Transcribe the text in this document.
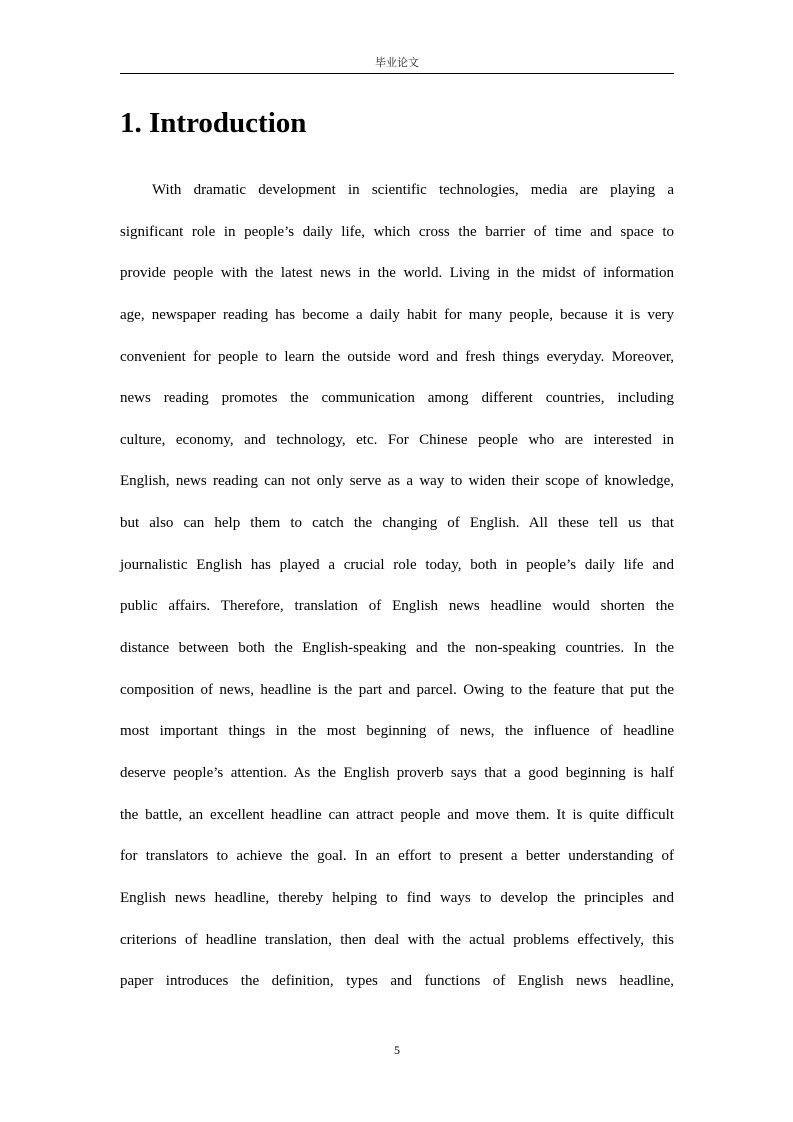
毕业论文
1. Introduction
With dramatic development in scientific technologies, media are playing a
significant role in people’s daily life, which cross the barrier of time and space to
provide people with the latest news in the world. Living in the midst of information
age, newspaper reading has become a daily habit for many people, because it is very
convenient for people to learn the outside word and fresh things everyday. Moreover,
news reading promotes the communication among different countries, including
culture, economy, and technology, etc. For Chinese people who are interested in
English, news reading can not only serve as a way to widen their scope of knowledge,
but also can help them to catch the changing of English. All these tell us that
journalistic English has played a crucial role today, both in people’s daily life and
public affairs. Therefore, translation of English news headline would shorten the
distance between both the English-speaking and the non-speaking countries. In the
composition of news, headline is the part and parcel. Owing to the feature that put the
most important things in the most beginning of news, the influence of headline
deserve people’s attention. As the English proverb says that a good beginning is half
the battle, an excellent headline can attract people and move them. It is quite difficult
for translators to achieve the goal. In an effort to present a better understanding of
English news headline, thereby helping to find ways to develop the principles and
criterions of headline translation, then deal with the actual problems effectively, this
paper introduces the definition, types and functions of English news headline,
5
